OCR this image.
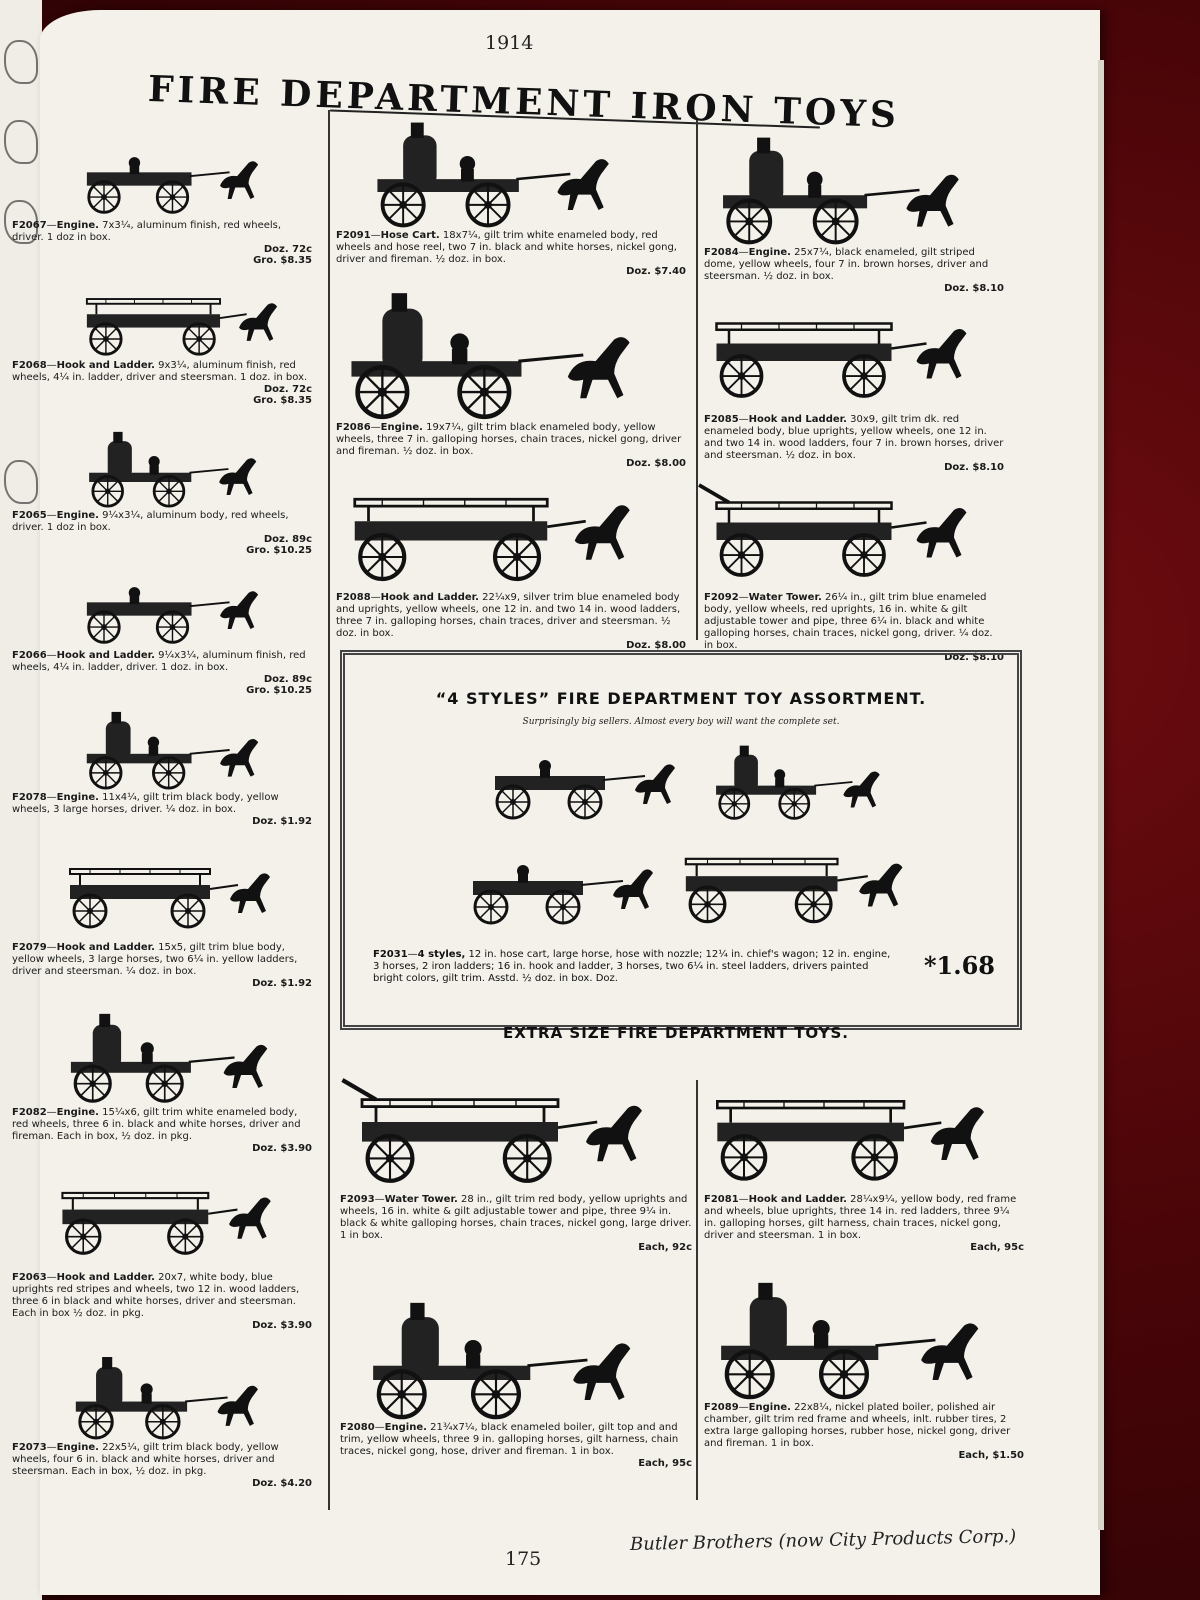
1914
FIRE DEPARTMENT IRON TOYS
F2067—Engine. 7x3¼, aluminum finish, red wheels, driver. 1 doz in box.
Doz. 72c
Gro. $8.35
F2068—Hook and Ladder. 9x3¼, aluminum finish, red wheels, 4¼ in. ladder, driver and steersman. 1 doz. in box.
Doz. 72c
Gro. $8.35
F2065—Engine. 9¼x3¼, aluminum body, red wheels, driver. 1 doz in box.
Doz. 89c
Gro. $10.25
F2066—Hook and Ladder. 9¼x3¼, aluminum finish, red wheels, 4¼ in. ladder, driver. 1 doz. in box.
Doz. 89c
Gro. $10.25
F2078—Engine. 11x4¼, gilt trim black body, yellow wheels, 3 large horses, driver. ¼ doz. in box.
Doz. $1.92
F2079—Hook and Ladder. 15x5, gilt trim blue body, yellow wheels, 3 large horses, two 6¼ in. yellow ladders, driver and steersman. ¼ doz. in box.
Doz. $1.92
F2082—Engine. 15¼x6, gilt trim white enameled body, red wheels, three 6 in. black and white horses, driver and fireman. Each in box, ½ doz. in pkg.
Doz. $3.90
F2063—Hook and Ladder. 20x7, white body, blue uprights red stripes and wheels, two 12 in. wood ladders, three 6 in black and white horses, driver and steersman. Each in box ½ doz. in pkg.
Doz. $3.90
F2073—Engine. 22x5¼, gilt trim black body, yellow wheels, four 6 in. black and white horses, driver and steersman. Each in box, ½ doz. in pkg.
Doz. $4.20
F2091—Hose Cart. 18x7¼, gilt trim white enameled body, red wheels and hose reel, two 7 in. black and white horses, nickel gong, driver and fireman. ½ doz. in box.
Doz. $7.40
F2086—Engine. 19x7¼, gilt trim black enameled body, yellow wheels, three 7 in. galloping horses, chain traces, nickel gong, driver and fireman. ½ doz. in box.
Doz. $8.00
F2088—Hook and Ladder. 22¼x9, silver trim blue enameled body and uprights, yellow wheels, one 12 in. and two 14 in. wood ladders, three 7 in. galloping horses, chain traces, driver and steersman. ½ doz. in box.
Doz. $8.00
F2084—Engine. 25x7¼, black enameled, gilt striped dome, yellow wheels, four 7 in. brown horses, driver and steersman. ½ doz. in box.
Doz. $8.10
F2085—Hook and Ladder. 30x9, gilt trim dk. red enameled body, blue uprights, yellow wheels, one 12 in. and two 14 in. wood ladders, four 7 in. brown horses, driver and steersman. ½ doz. in box.
Doz. $8.10
F2092—Water Tower. 26¼ in., gilt trim blue enameled body, yellow wheels, red uprights, 16 in. white & gilt adjustable tower and pipe, three 6¼ in. black and white galloping horses, chain traces, nickel gong, driver. ¼ doz. in box.
Doz. $8.10
“4 STYLES” FIRE DEPARTMENT TOY ASSORTMENT.
Surprisingly big sellers. Almost every boy will want the complete set.
F2031—4 styles, 12 in. hose cart, large horse, hose with nozzle; 12¼ in. chief's wagon; 12 in. engine, 3 horses, 2 iron ladders; 16 in. hook and ladder, 3 horses, two 6¼ in. steel ladders, drivers painted bright colors, gilt trim. Asstd. ½ doz. in box. Doz.	*1.68
EXTRA SIZE FIRE DEPARTMENT TOYS.
F2093—Water Tower. 28 in., gilt trim red body, yellow uprights and wheels, 16 in. white & gilt adjustable tower and pipe, three 9¼ in. black & white galloping horses, chain traces, nickel gong, large driver. 1 in box.
Each, 92c
F2081—Hook and Ladder. 28¼x9¼, yellow body, red frame and wheels, blue uprights, three 14 in. red ladders, three 9¼ in. galloping horses, gilt harness, chain traces, nickel gong, driver and steersman. 1 in box.
Each, 95c
F2080—Engine. 21¾x7¼, black enameled boiler, gilt top and and trim, yellow wheels, three 9 in. galloping horses, gilt harness, chain traces, nickel gong, hose, driver and fireman. 1 in box.
Each, 95c
F2089—Engine. 22x8¼, nickel plated boiler, polished air chamber, gilt trim red frame and wheels, inlt. rubber tires, 2 extra large galloping horses, rubber hose, nickel gong, driver and fireman. 1 in box.
Each, $1.50
175
Butler Brothers (now City Products Corp.)
